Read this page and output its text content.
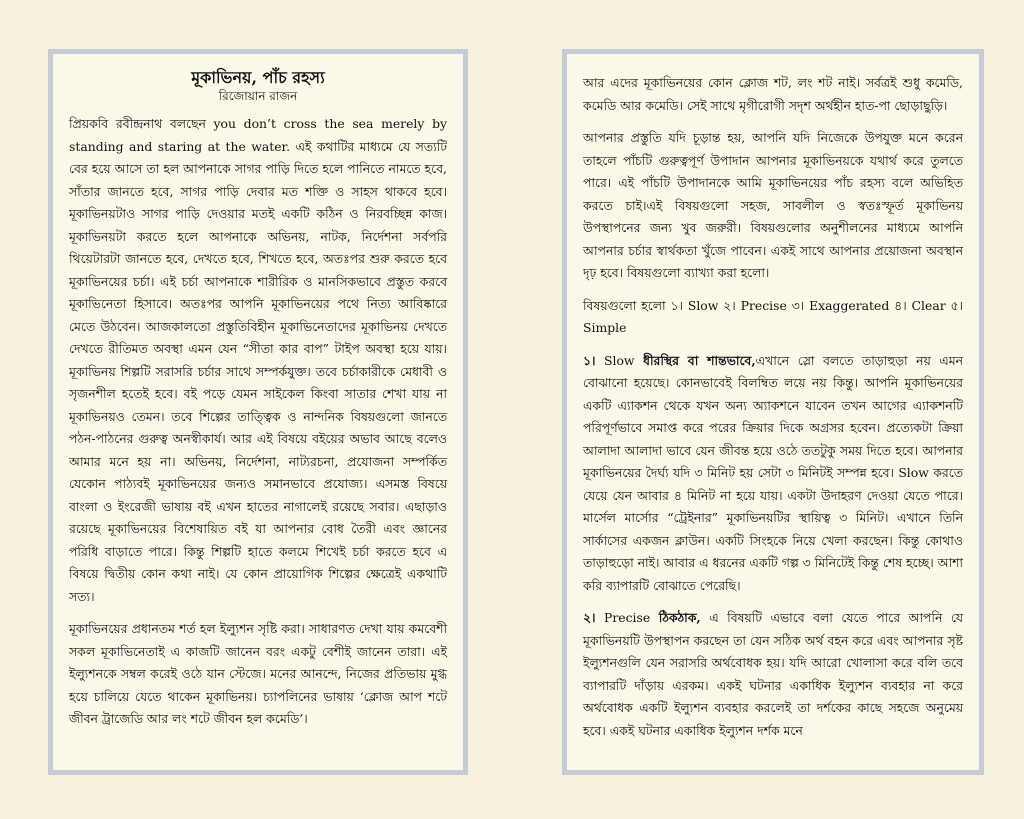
মূকাভিনয়, পাঁচ রহস্য
রিজোয়ান রাজন

প্রিয়কবি রবীন্দ্রনাথ বলছেন you don’t cross the sea merely by standing and staring at the water. এই কথাটির মাধ্যমে যে সত্যটি বের হয়ে আসে তা হল আপনাকে সাগর পাড়ি দিতে হলে পানিতে নামতে হবে, সাঁতার জানতে হবে, সাগর পাড়ি দেবার মত শক্তি ও সাহস থাকবে হবে। মূকাভিনয়টাও সাগর পাড়ি দেওয়ার মতই একটি কঠিন ও নিরবচ্ছিন্ন কাজ। মূকাভিনয়টা করতে হলে আপনাকে অভিনয়, নাটক, নির্দেশনা সর্বপরি থিয়েটারটা জানতে হবে, দেখতে হবে, শিখতে হবে, অতঃপর শুরু করতে হবে মূকাভিনয়ের চর্চা। এই চর্চা আপনাকে শারীরিক ও মানসিকভাবে প্রস্তুত করবে মূকাভিনেতা হিসাবে। অতঃপর আপনি মূকাভিনয়ের পথে নিত্য আবিষ্কারে মেতে উঠবেন। আজকালতো প্রস্তুতিবিহীন মূকাভিনেতাদের মূকাভিনয় দেখতে দেখতে রীতিমত অবস্থা এমন যেন “সীতা কার বাপ” টাইপ অবস্থা হয়ে যায়। মূকাভিনয় শিল্পটি সরাসরি চর্চার সাথে সম্পর্কযুক্ত। তবে চর্চাকারীকে মেধাবী ও সৃজনশীল হতেই হবে। বই পড়ে যেমন সাইকেল কিংবা সাতার শেখা যায় না মূকাভিনয়ও তেমন। তবে শিল্পের তাত্ত্বিক ও নান্দনিক বিষয়গুলো জানতে পঠন-পাঠনের গুরুত্ব অনস্বীকার্য। আর এই বিষয়ে বইয়ের অভাব আছে বলেও আমার মনে হয় না। অভিনয়, নির্দেশনা, নাট্যরচনা, প্রযোজনা সম্পর্কিত যেকোন পাঠ্যবই মূকাভিনয়ের জন্যও সমানভাবে প্রযোজ্য। এসমস্ত বিষয়ে বাংলা ও ইংরেজী ভাষায় বই এখন হাতের নাগালেই রয়েছে সবার। এছাড়াও রয়েছে মূকাভিনয়ের বিশেষায়িত বই যা আপনার বোধ তৈরী এবং জ্ঞানের পরিধি বাড়াতে পারে। কিন্তু শিল্পটি হাতে কলমে শিখেই চর্চা করতে হবে এ বিষয়ে দ্বিতীয় কোন কথা নাই। যে কোন প্রায়োগিক শিল্পের ক্ষেত্রেই একথাটি সত্য।

মূকাভিনয়ের প্রধানতম শর্ত হল ইল্যুশন সৃষ্টি করা। সাধারণত দেখা যায় কমবেশী সকল মূকাভিনেতাই এ কাজটি জানেন বরং একটু বেশীই জানেন তারা। এই ইল্যুশনকে সম্বল করেই ওঠে যান স্টেজে। মনের আনন্দে, নিজের প্রতিভায় মুগ্ধ হয়ে চালিয়ে যেতে থাকেন মূকাভিনয়। চ্যাপলিনের ভাষায় ‘ক্লোজ আপ শটে জীবন ট্রাজেডি আর লং শটে জীবন হল কমেডি’।

আর এদের মূকাভিনয়ের কোন ক্লোজ শট, লং শট নাই। সর্বত্রই শুধু কমেডি, কমেডি আর কমেডি। সেই সাথে মৃগীরোগী সদৃশ অর্থহীন হাত-পা ছোড়াছুড়ি।

আপনার প্রস্তুতি যদি চূড়ান্ত হয়, আপনি যদি নিজেকে উপযুক্ত মনে করেন তাহলে পাঁচটি গুরুত্বপূর্ণ উপাদান আপনার মূকাভিনয়কে যথার্থ করে তুলতে পারে। এই পাঁচটি উপাদানকে আমি মূকাভিনয়ের পাঁচ রহস্য বলে অভিহিত করতে চাই।এই বিষয়গুলো সহজ, সাবলীল ও স্বতঃস্ফূর্ত মূকাভিনয় উপস্থাপনের জন্য খুব জরুরী। বিষয়গুলোর অনুশীলনের মাধ্যমে আপনি আপনার চর্চার স্বার্থকতা খুঁজে পাবেন। একই সাথে আপনার প্রয়োজনা অবস্থান দৃঢ় হবে। বিষয়গুলো ব্যাখ্যা করা হলো।

বিষয়গুলো হলো ১। Slow ২। Precise ৩। Exaggerated ৪। Clear ৫। Simple

১। Slow ধীরস্থির বা শান্তভাবে,এখানে স্লো বলতে তাড়াহুড়া নয় এমন বোঝানো হয়েছে। কোনভাবেই বিলম্বিত লয়ে নয় কিন্তু। আপনি মূকাভিনয়ের একটি এ্যাকশন থেকে যখন অন্য অ্যাকশনে যাবেন তখন আগের এ্যাকশনটি পরিপূর্ণভাবে সমাপ্ত করে পরের ক্রিয়ার দিকে অগ্রসর হবেন। প্রত্যেকটা ক্রিয়া আলাদা আলাদা ভাবে যেন জীবন্ত হয়ে ওঠে ততটুকু সময় দিতে হবে। আপনার মূকাভিনয়ের দৈর্ঘ্য যদি ৩ মিনিট হয় সেটা ৩ মিনিটই সম্পন্ন হবে। Slow করতে যেয়ে যেন আবার ৪ মিনিট না হয়ে যায়। একটা উদাহরণ দেওয়া যেতে পারে। মার্সেল মার্সোর “ট্রেইনার” মূকাভিনয়টির স্থায়িত্ব ৩ মিনিট। এখানে তিনি সার্কাসের একজন ক্লাউন। একটি সিংহকে নিয়ে খেলা করছেন। কিন্তু কোথাও তাড়াহুড়ো নাই। আবার এ ধরনের একটি গল্প ৩ মিনিটেই কিন্তু শেষ হচ্ছে। আশা করি ব্যাপারটি বোঝাতে পেরেছি।

২। Precise ঠিকঠাক, এ বিষয়টি এভাবে বলা যেতে পারে আপনি যে মূকাভিনয়টি উপস্থাপন করছেন তা যেন সঠিক অর্থ বহন করে এবং আপনার সৃষ্ট ইল্যুশনগুলি যেন সরাসরি অর্থবোধক হয়। যদি আরো খোলাসা করে বলি তবে ব্যাপারটি দাঁড়ায় এরকম। একই ঘটনার একাধিক ইল্যুশন ব্যবহার না করে অর্থবোধক একটি ইল্যুশন ব্যবহার করলেই তা দর্শকের কাছে সহজে অনুমেয় হবে। একই ঘটনার একাধিক ইল্যুশন দর্শক মনে
